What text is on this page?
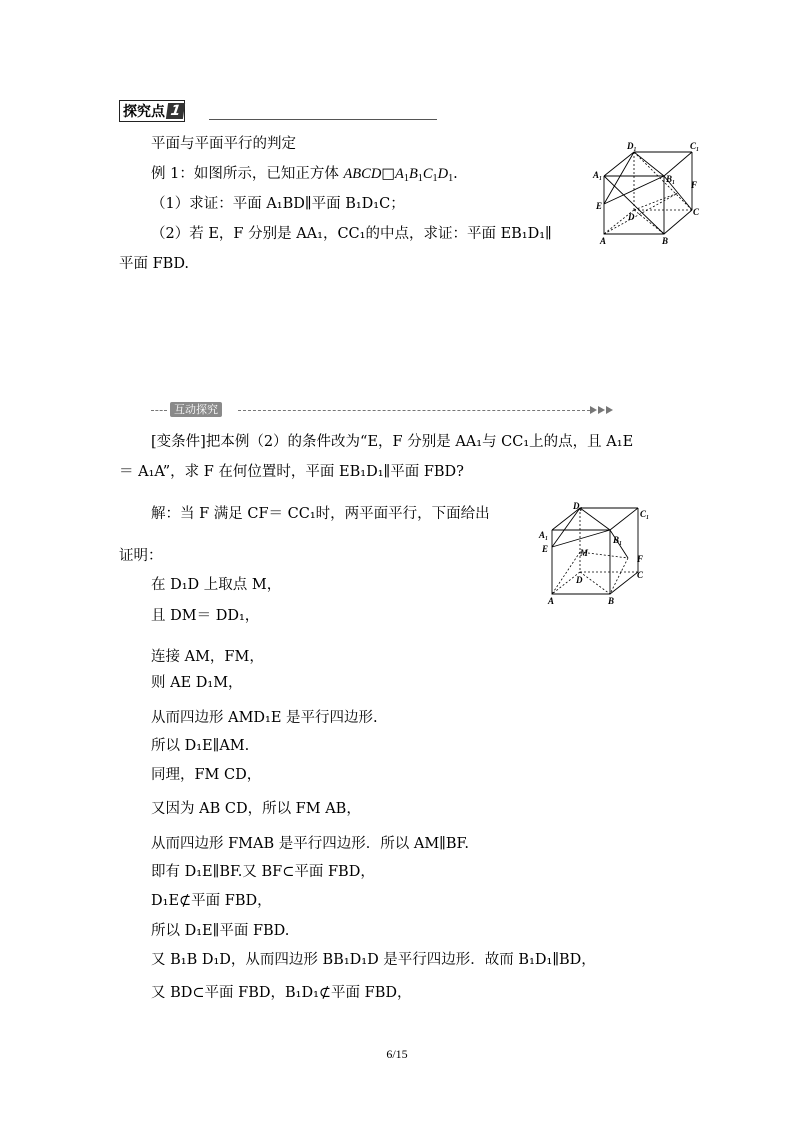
探究点 1
平面与平面平行的判定
例 1：如图所示，已知正方体 $ABCD□A_1B_1C_1D_1$.
（1）求证：平面 A₁BD∥平面 B₁D₁C；
（2）若 E，F 分别是 AA₁，CC₁的中点，求证：平面 EB₁D₁∥
平面 FBD.
D₁	C₁
A₁	B₁
F
E
C
D
A	B
互动探究
[变条件]把本例（2）的条件改为“E，F 分别是 AA₁与 CC₁上的点，且 A₁E
＝ A₁A”，求 F 在何位置时，平面 EB₁D₁∥平面 FBD?
解：当 F 满足 CF＝ CC₁时，两平面平行，下面给出
证明：
在 D₁D 上取点 M，
且 DM＝ DD₁，
连接 AM，FM，
则 AE D₁M，
从而四边形 AMD₁E 是平行四边形.
所以 D₁E∥AM.
同理，FM CD，
又因为 AB CD，所以 FM AB，
从而四边形 FMAB 是平行四边形．所以 AM∥BF.
即有 D₁E∥BF.又 BF⊂平面 FBD，
D₁E⊄平面 FBD，
所以 D₁E∥平面 FBD.
又 B₁B D₁D，从而四边形 BB₁D₁D 是平行四边形．故而 B₁D₁∥BD，
又 BD⊂平面 FBD，B₁D₁⊄平面 FBD，
D₁
C₁
A₁	B₁
E	M
F
C
D
A	B
6/15
